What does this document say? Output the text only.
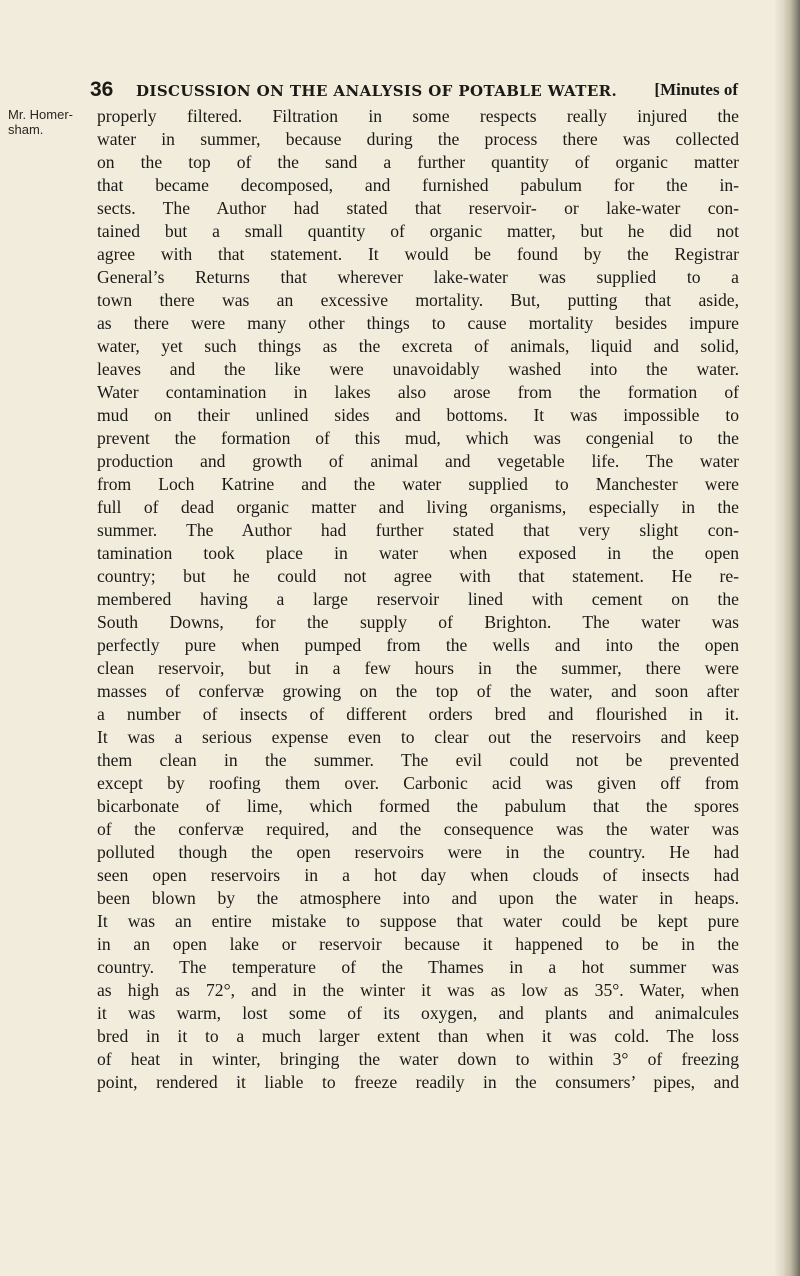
36 DISCUSSION ON THE ANALYSIS OF POTABLE WATER. [Minutes of
Mr. Homer-
sham.
properly filtered. Filtration in some respects really injured the
water in summer, because during the process there was collected
on the top of the sand a further quantity of organic matter
that became decomposed, and furnished pabulum for the in-
sects. The Author had stated that reservoir- or lake-water con-
tained but a small quantity of organic matter, but he did not
agree with that statement. It would be found by the Registrar
General’s Returns that wherever lake-water was supplied to a
town there was an excessive mortality. But, putting that aside,
as there were many other things to cause mortality besides impure
water, yet such things as the excreta of animals, liquid and solid,
leaves and the like were unavoidably washed into the water.
Water contamination in lakes also arose from the formation of
mud on their unlined sides and bottoms. It was impossible to
prevent the formation of this mud, which was congenial to the
production and growth of animal and vegetable life. The water
from Loch Katrine and the water supplied to Manchester were
full of dead organic matter and living organisms, especially in the
summer. The Author had further stated that very slight con-
tamination took place in water when exposed in the open
country; but he could not agree with that statement. He re-
membered having a large reservoir lined with cement on the
South Downs, for the supply of Brighton. The water was
perfectly pure when pumped from the wells and into the open
clean reservoir, but in a few hours in the summer, there were
masses of confervæ growing on the top of the water, and soon after
a number of insects of different orders bred and flourished in it.
It was a serious expense even to clear out the reservoirs and keep
them clean in the summer. The evil could not be prevented
except by roofing them over. Carbonic acid was given off from
bicarbonate of lime, which formed the pabulum that the spores
of the confervæ required, and the consequence was the water was
polluted though the open reservoirs were in the country. He had
seen open reservoirs in a hot day when clouds of insects had
been blown by the atmosphere into and upon the water in heaps.
It was an entire mistake to suppose that water could be kept pure
in an open lake or reservoir because it happened to be in the
country. The temperature of the Thames in a hot summer was
as high as 72°, and in the winter it was as low as 35°. Water, when
it was warm, lost some of its oxygen, and plants and animalcules
bred in it to a much larger extent than when it was cold. The loss
of heat in winter, bringing the water down to within 3° of freezing
point, rendered it liable to freeze readily in the consumers’ pipes, and
